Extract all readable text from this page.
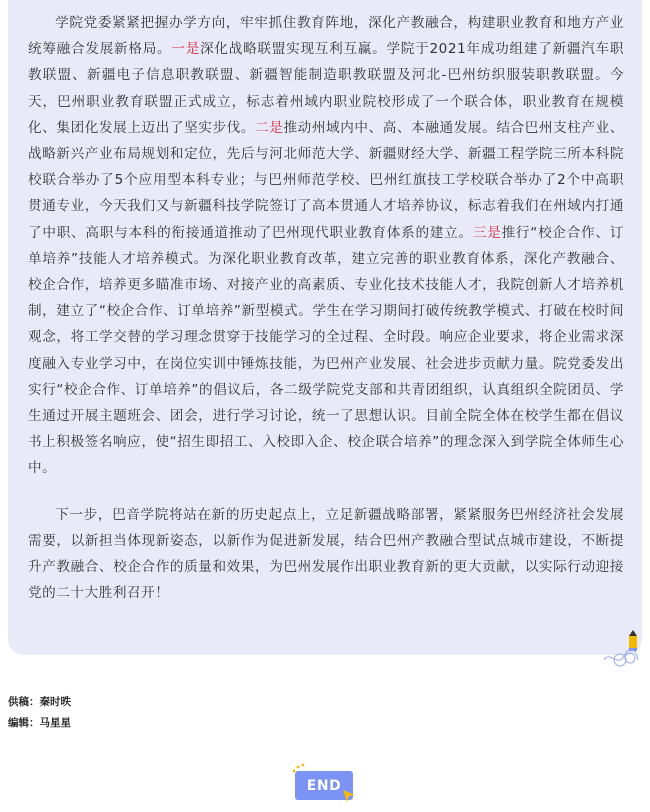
学院党委紧紧把握办学方向，牢牢抓住教育阵地，深化产教融合，构建职业教育和地方产业统筹融合发展新格局。一是深化战略联盟实现互利互赢。学院于2021年成功组建了新疆汽车职教联盟、新疆电子信息职教联盟、新疆智能制造职教联盟及河北-巴州纺织服装职教联盟。今天，巴州职业教育联盟正式成立，标志着州域内职业院校形成了一个联合体，职业教育在规模化、集团化发展上迈出了坚实步伐。二是推动州域内中、高、本融通发展。结合巴州支柱产业、战略新兴产业布局规划和定位，先后与河北师范大学、新疆财经大学、新疆工程学院三所本科院校联合举办了5个应用型本科专业；与巴州师范学校、巴州红旗技工学校联合举办了2个中高职贯通专业，今天我们又与新疆科技学院签订了高本贯通人才培养协议，标志着我们在州域内打通了中职、高职与本科的衔接通道推动了巴州现代职业教育体系的建立。三是推行“校企合作、订单培养”技能人才培养模式。为深化职业教育改革，建立完善的职业教育体系，深化产教融合、校企合作，培养更多瞄准市场、对接产业的高素质、专业化技术技能人才，我院创新人才培养机制，建立了“校企合作、订单培养”新型模式。学生在学习期间打破传统教学模式、打破在校时间观念，将工学交替的学习理念贯穿于技能学习的全过程、全时段。响应企业要求，将企业需求深度融入专业学习中，在岗位实训中锤炼技能，为巴州产业发展、社会进步贡献力量。院党委发出实行“校企合作、订单培养”的倡议后，各二级学院党支部和共青团组织，认真组织全院团员、学生通过开展主题班会、团会，进行学习讨论，统一了思想认识。目前全院全体在校学生都在倡议书上积极签名响应，使“招生即招工、入校即入企、校企联合培养”的理念深入到学院全体师生心中。

下一步，巴音学院将站在新的历史起点上，立足新疆战略部署，紧紧服务巴州经济社会发展需要，以新担当体现新姿态，以新作为促进新发展，结合巴州产教融合型试点城市建设，不断提升产教融合、校企合作的质量和效果，为巴州发展作出职业教育新的更大贡献，以实际行动迎接党的二十大胜利召开！

供稿：秦时昳
编辑：马星星
END
